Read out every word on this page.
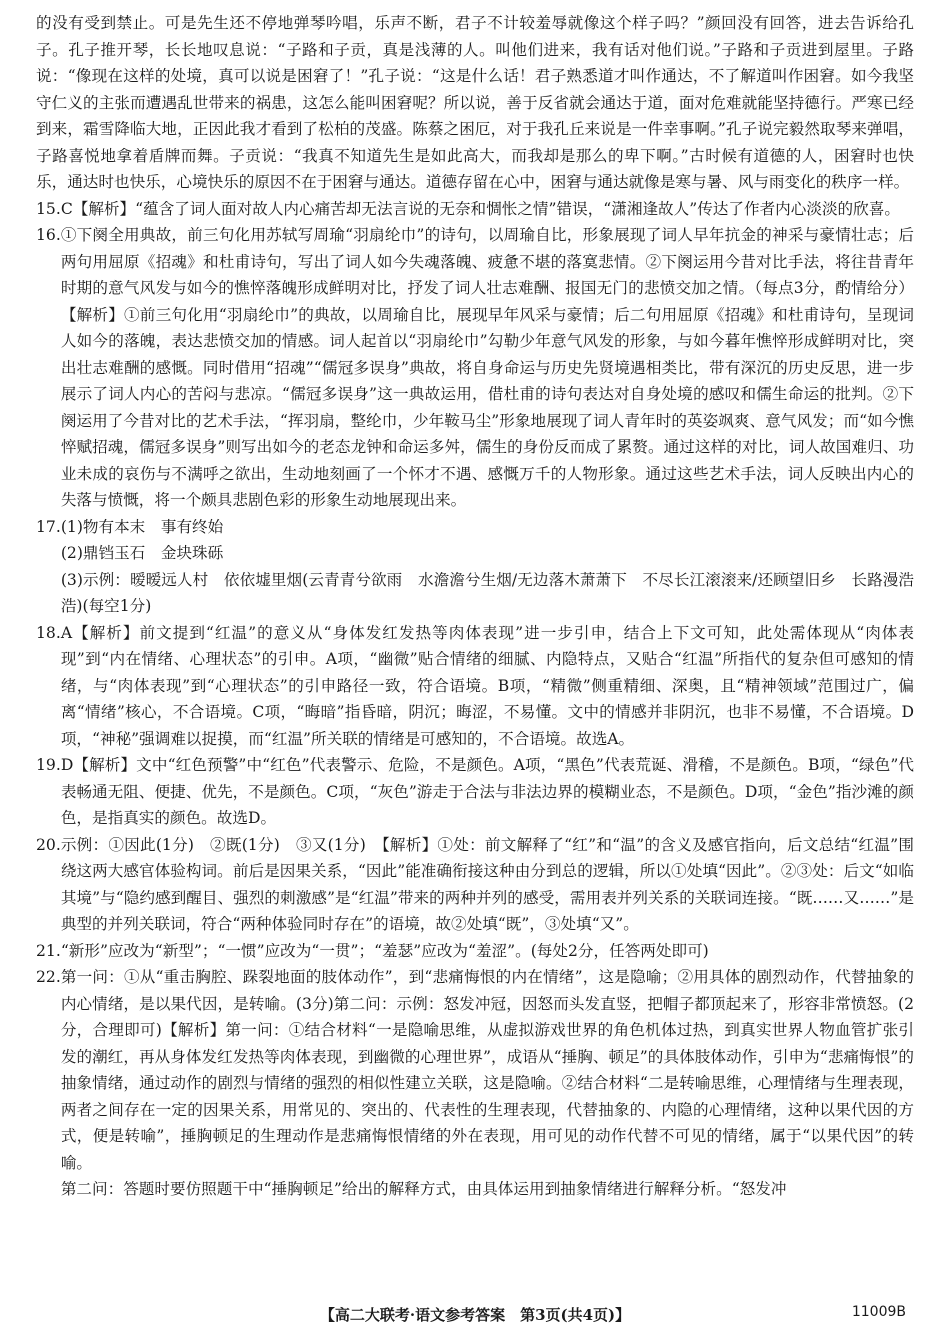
的没有受到禁止。可是先生还不停地弹琴吟唱，乐声不断，君子不计较羞辱就像这个样子吗？”颜回没有回答，进去告诉给孔子。孔子推开琴，长长地叹息说：“子路和子贡，真是浅薄的人。叫他们进来，我有话对他们说。”子路和子贡进到屋里。子路说：“像现在这样的处境，真可以说是困窘了！”孔子说：“这是什么话！君子熟悉道才叫作通达，不了解道叫作困窘。如今我坚守仁义的主张而遭遇乱世带来的祸患，这怎么能叫困窘呢？所以说，善于反省就会通达于道，面对危难就能坚持德行。严寒已经到来，霜雪降临大地，正因此我才看到了松柏的茂盛。陈蔡之困厄，对于我孔丘来说是一件幸事啊。”孔子说完毅然取琴来弹唱，子路喜悦地拿着盾牌而舞。子贡说：“我真不知道先生是如此高大，而我却是那么的卑下啊。”古时候有道德的人，困窘时也快乐，通达时也快乐，心境快乐的原因不在于困窘与通达。道德存留在心中，困窘与通达就像是寒与暑、风与雨变化的秩序一样。

15. C【解析】“蕴含了词人面对故人内心痛苦却无法言说的无奈和惆怅之情”错误，“潇湘逢故人”传达了作者内心淡淡的欣喜。
16. ①下阕全用典故，前三句化用苏轼写周瑜“羽扇纶巾”的诗句，以周瑜自比，形象展现了词人早年抗金的神采与豪情壮志；后两句用屈原《招魂》和杜甫诗句，写出了词人如今失魂落魄、疲惫不堪的落寞悲情。②下阕运用今昔对比手法，将往昔青年时期的意气风发与如今的憔悴落魄形成鲜明对比，抒发了词人壮志难酬、报国无门的悲愤交加之情。（每点3分，酌情给分）【解析】①前三句化用“羽扇纶巾”的典故，以周瑜自比，展现早年风采与豪情；后二句用屈原《招魂》和杜甫诗句，呈现词人如今的落魄，表达悲愤交加的情感。词人起首以“羽扇纶巾”勾勒少年意气风发的形象，与如今暮年憔悴形成鲜明对比，突出壮志难酬的感慨。同时借用“招魂”“儒冠多误身”典故，将自身命运与历史先贤境遇相类比，带有深沉的历史反思，进一步展示了词人内心的苦闷与悲凉。“儒冠多误身”这一典故运用，借杜甫的诗句表达对自身处境的感叹和儒生命运的批判。②下阕运用了今昔对比的艺术手法，“挥羽扇，整纶巾，少年鞍马尘”形象地展现了词人青年时的英姿飒爽、意气风发；而“如今憔悴赋招魂，儒冠多误身”则写出如今的老态龙钟和命运多舛，儒生的身份反而成了累赘。通过这样的对比，词人故国难归、功业未成的哀伤与不满呼之欲出，生动地刻画了一个怀才不遇、感慨万千的人物形象。通过这些艺术手法，词人反映出内心的失落与愤慨，将一个颇具悲剧色彩的形象生动地展现出来。
17. (1)物有本末　事有终始

(2)鼎铛玉石　金块珠砾

(3)示例：暧暧远人村　依依墟里烟(云青青兮欲雨　水澹澹兮生烟/无边落木萧萧下　不尽长江滚滚来/还顾望旧乡　长路漫浩浩)(每空1分)

18. A【解析】前文提到“红温”的意义从“身体发红发热等肉体表现”进一步引申，结合上下文可知，此处需体现从“肉体表现”到“内在情绪、心理状态”的引申。A项，“幽微”贴合情绪的细腻、内隐特点，又贴合“红温”所指代的复杂但可感知的情绪，与“肉体表现”到“心理状态”的引申路径一致，符合语境。B项，“精微”侧重精细、深奥，且“精神领域”范围过广，偏离“情绪”核心，不合语境。C项，“晦暗”指昏暗，阴沉；晦涩，不易懂。文中的情感并非阴沉，也非不易懂，不合语境。D项，“神秘”强调难以捉摸，而“红温”所关联的情绪是可感知的，不合语境。故选A。
19. D【解析】文中“红色预警”中“红色”代表警示、危险，不是颜色。A项，“黑色”代表荒诞、滑稽，不是颜色。B项，“绿色”代表畅通无阻、便捷、优先，不是颜色。C项，“灰色”游走于合法与非法边界的模糊业态，不是颜色。D项，“金色”指沙滩的颜色，是指真实的颜色。故选D。
20. 示例：①因此(1分)　②既(1分)　③又(1分)　【解析】①处：前文解释了“红”和“温”的含义及感官指向，后文总结“红温”围绕这两大感官体验构词。前后是因果关系，“因此”能准确衔接这种由分到总的逻辑，所以①处填“因此”。②③处：后文“如临其境”与“隐约感到醒目、强烈的刺激感”是“红温”带来的两种并列的感受，需用表并列关系的关联词连接。“既……又……”是典型的并列关联词，符合“两种体验同时存在”的语境，故②处填“既”，③处填“又”。
21. “新形”应改为“新型”；“一惯”应改为“一贯”；“羞瑟”应改为“羞涩”。(每处2分，任答两处即可)
22. 第一问：①从“重击胸腔、跺裂地面的肢体动作”，到“悲痛悔恨的内在情绪”，这是隐喻；②用具体的剧烈动作，代替抽象的内心情绪，是以果代因，是转喻。(3分)第二问：示例：怒发冲冠，因怒而头发直竖，把帽子都顶起来了，形容非常愤怒。(2分，合理即可)【解析】第一问：①结合材料“一是隐喻思维，从虚拟游戏世界的角色机体过热，到真实世界人物血管扩张引发的潮红，再从身体发红发热等肉体表现，到幽微的心理世界”，成语从“捶胸、顿足”的具体肢体动作，引申为“悲痛悔恨”的抽象情绪，通过动作的剧烈与情绪的强烈的相似性建立关联，这是隐喻。②结合材料“二是转喻思维，心理情绪与生理表现，两者之间存在一定的因果关系，用常见的、突出的、代表性的生理表现，代替抽象的、内隐的心理情绪，这种以果代因的方式，便是转喻”，捶胸顿足的生理动作是悲痛悔恨情绪的外在表现，用可见的动作代替不可见的情绪，属于“以果代因”的转喻。

第二问：答题时要仿照题干中“捶胸顿足”给出的解释方式，由具体运用到抽象情绪进行解释分析。“怒发冲

【高二大联考·语文参考答案　第3页(共4页)】	11009B
